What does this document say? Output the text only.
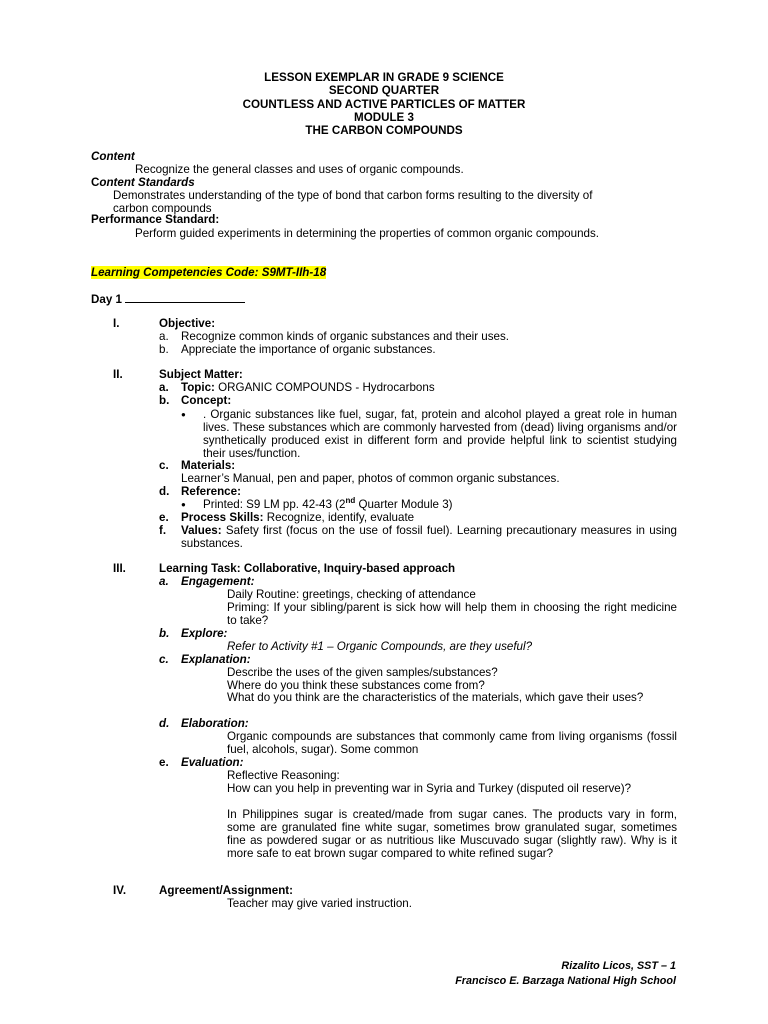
LESSON EXEMPLAR IN GRADE 9 SCIENCE
SECOND QUARTER
COUNTLESS AND ACTIVE PARTICLES OF MATTER
MODULE 3
THE CARBON COMPOUNDS
Content
Recognize the general classes and uses of organic compounds.
Content Standards
Demonstrates understanding of the type of bond that carbon forms resulting to the diversity of
carbon compounds
Performance Standard:
Perform guided experiments in determining the properties of common organic compounds.
Learning Competencies Code: S9MT-IIh-18
Day 1
I.	Objective:
a. Recognize common kinds of organic substances and their uses.
b. Appreciate the importance of organic substances.
II.	Subject Matter:
a. Topic: ORGANIC COMPOUNDS - Hydrocarbons
b. Concept:
● . Organic substances like fuel, sugar, fat, protein and alcohol played a great role in human lives. These substances which are commonly harvested from (dead) living organisms and/or synthetically produced exist in different form and provide helpful link to scientist studying their uses/function.
c. Materials:
Learner’s Manual, pen and paper, photos of common organic substances.
d. Reference:
● Printed: S9 LM pp. 42-43 (2nd Quarter Module 3)
e. Process Skills: Recognize, identify, evaluate
f. Values: Safety first (focus on the use of fossil fuel). Learning precautionary measures in using substances.
III.	Learning Task: Collaborative, Inquiry-based approach
a. Engagement:
Daily Routine: greetings, checking of attendance
Priming: If your sibling/parent is sick how will help them in choosing the right medicine to take?
b. Explore:
Refer to Activity #1 – Organic Compounds, are they useful?
c. Explanation:
Describe the uses of the given samples/substances?
Where do you think these substances come from?
What do you think are the characteristics of the materials, which gave their uses?
d. Elaboration:
Organic compounds are substances that commonly came from living organisms (fossil fuel, alcohols, sugar). Some common
e. Evaluation:
Reflective Reasoning:
How can you help in preventing war in Syria and Turkey (disputed oil reserve)?
In Philippines sugar is created/made from sugar canes. The products vary in form, some are granulated fine white sugar, sometimes brow granulated sugar, sometimes fine as powdered sugar or as nutritious like Muscuvado sugar (slightly raw). Why is it more safe to eat brown sugar compared to white refined sugar?
IV.	Agreement/Assignment:
Teacher may give varied instruction.
Rizalito Licos, SST – 1
Francisco E. Barzaga National High School
